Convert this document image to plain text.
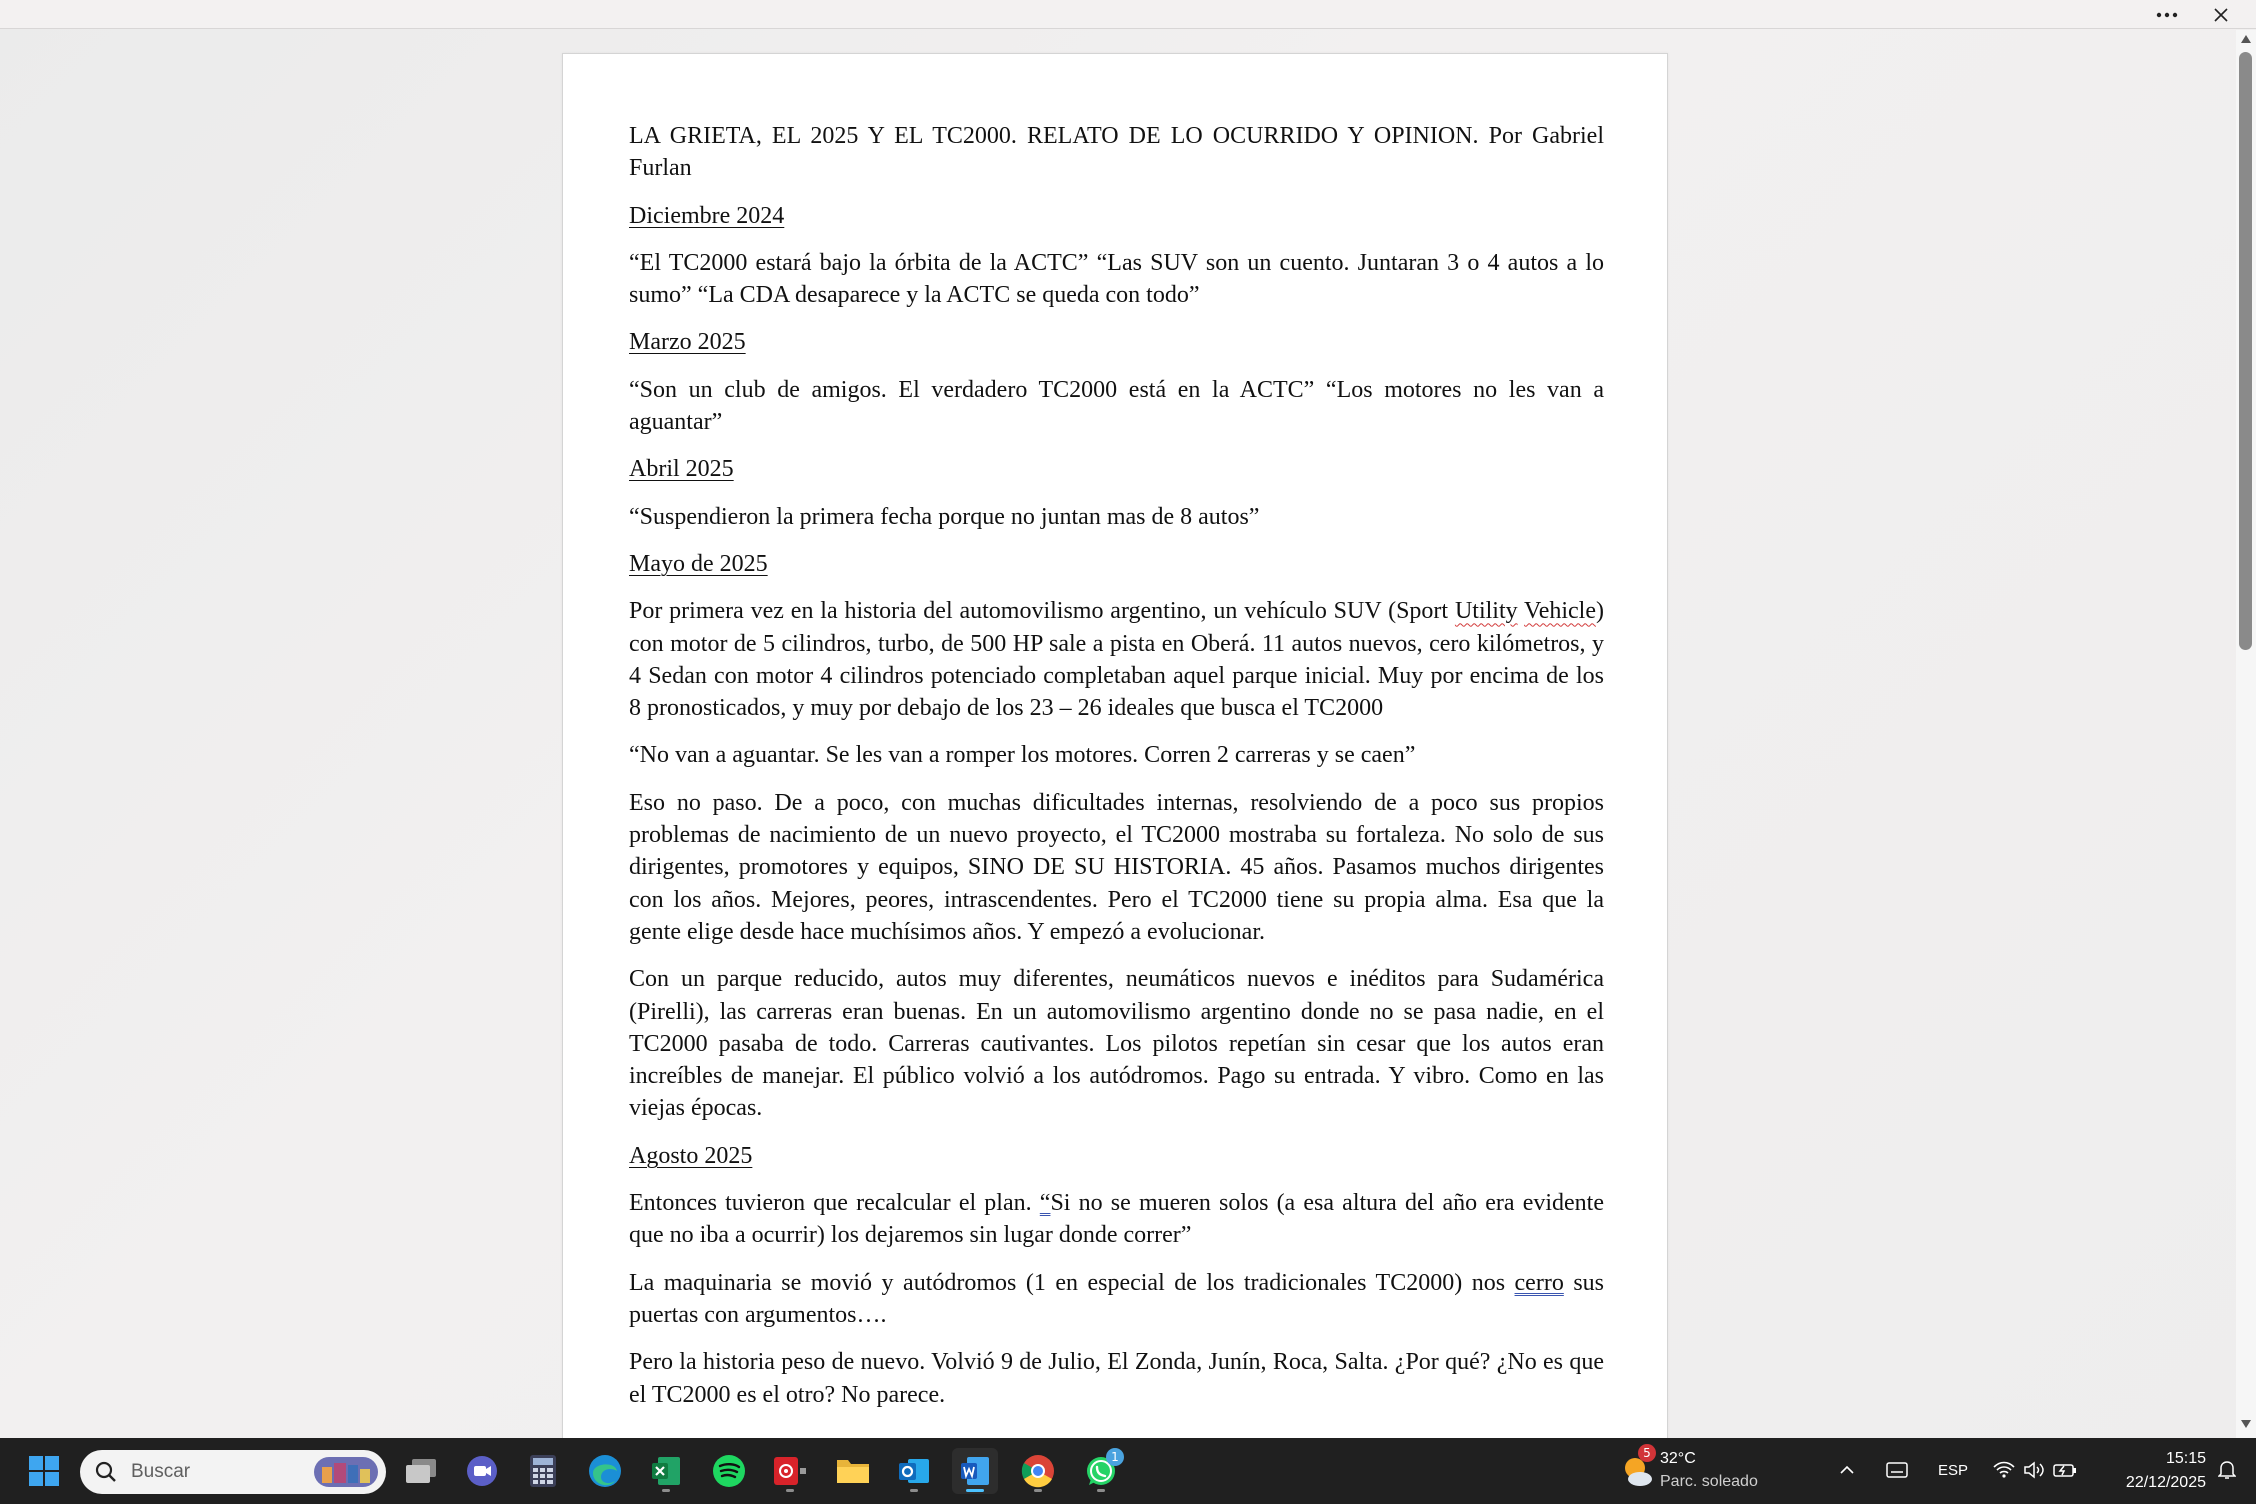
LA GRIETA, EL 2025 Y EL TC2000. RELATO DE LO OCURRIDO Y OPINION. Por Gabriel Furlan

Diciembre 2024

“El TC2000 estará bajo la órbita de la ACTC” “Las SUV son un cuento. Juntaran 3 o 4 autos a lo sumo” “La CDA desaparece y la ACTC se queda con todo”

Marzo 2025

“Son un club de amigos. El verdadero TC2000 está en la ACTC” “Los motores no les van a aguantar”

Abril 2025

“Suspendieron la primera fecha porque no juntan mas de 8 autos”

Mayo de 2025

Por primera vez en la historia del automovilismo argentino, un vehículo SUV (Sport Utility Vehicle) con motor de 5 cilindros, turbo, de 500 HP sale a pista en Oberá. 11 autos nuevos, cero kilómetros, y 4 Sedan con motor 4 cilindros potenciado completaban aquel parque inicial. Muy por encima de los 8 pronosticados, y muy por debajo de los 23 – 26 ideales que busca el TC2000

“No van a aguantar. Se les van a romper los motores. Corren 2 carreras y se caen”

Eso no paso. De a poco, con muchas dificultades internas, resolviendo de a poco sus propios problemas de nacimiento de un nuevo proyecto, el TC2000 mostraba su fortaleza. No solo de sus dirigentes, promotores y equipos, SINO DE SU HISTORIA. 45 años. Pasamos muchos dirigentes con los años. Mejores, peores, intrascendentes. Pero el TC2000 tiene su propia alma. Esa que la gente elige desde hace muchísimos años. Y empezó a evolucionar.

Con un parque reducido, autos muy diferentes, neumáticos nuevos e inéditos para Sudamérica (Pirelli), las carreras eran buenas. En un automovilismo argentino donde no se pasa nadie, en el TC2000 pasaba de todo. Carreras cautivantes. Los pilotos repetían sin cesar que los autos eran increíbles de manejar. El público volvió a los autódromos. Pago su entrada. Y vibro. Como en las viejas épocas.

Agosto 2025

Entonces tuvieron que recalcular el plan. “Si no se mueren solos (a esa altura del año era evidente que no iba a ocurrir) los dejaremos sin lugar donde correr”

La maquinaria se movió y autódromos (1 en especial de los tradicionales TC2000) nos cerro sus puertas con argumentos….

Pero la historia peso de nuevo. Volvió 9 de Julio, El Zonda, Junín, Roca, Salta. ¿Por qué? ¿No es que el TC2000 es el otro? No parece.

Buscar
1	5 32°C
Parc. soleado
ESP
15:15
22/12/2025
